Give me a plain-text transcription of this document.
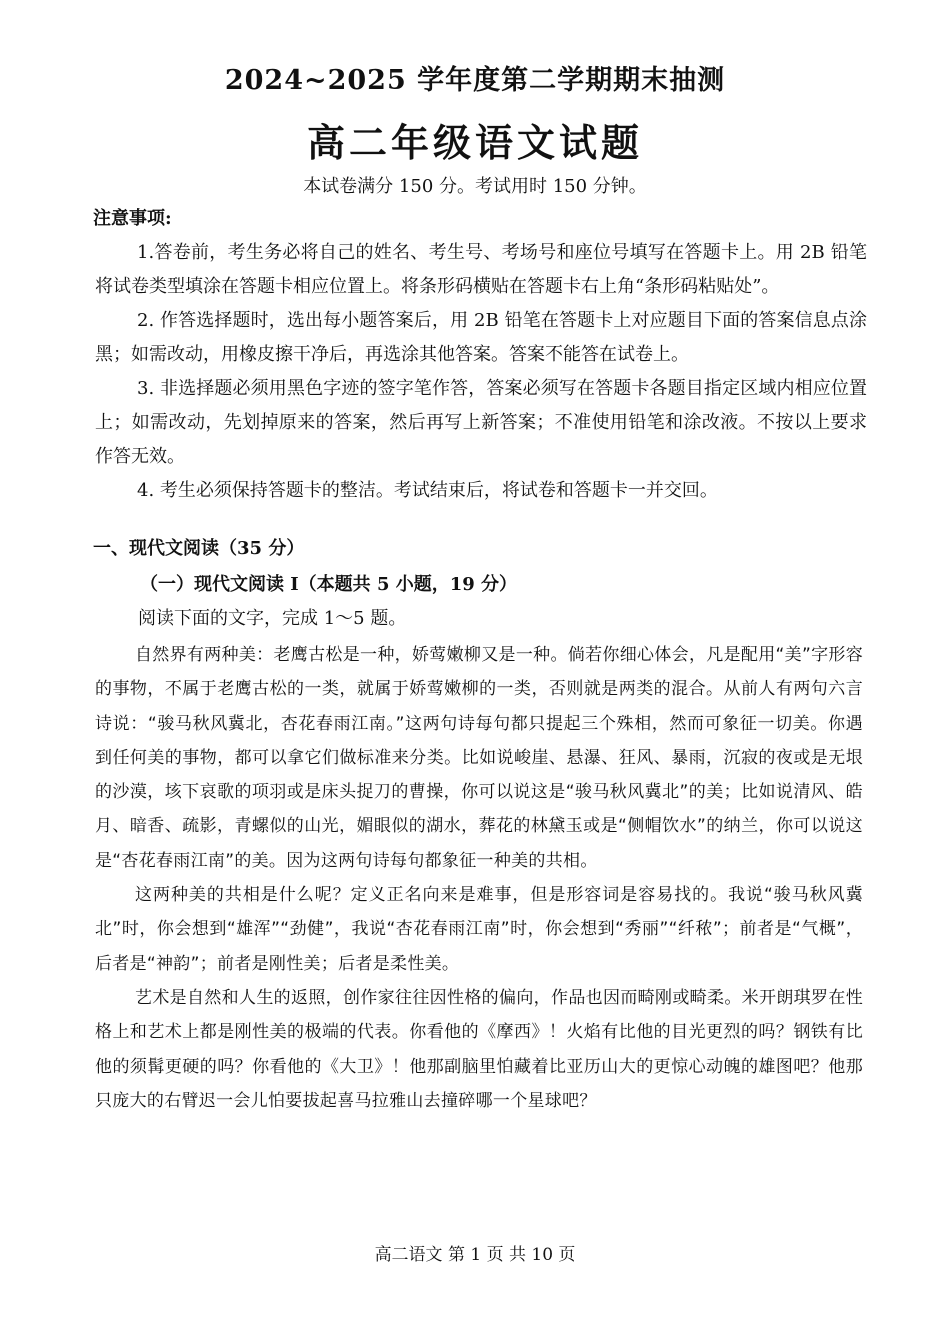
2024~2025 学年度第二学期期末抽测
高二年级语文试题
本试卷满分 150 分。考试用时 150 分钟。
注意事项:

1.答卷前，考生务必将自己的姓名、考生号、考场号和座位号填写在答题卡上。用 2B 铅笔将试卷类型填涂在答题卡相应位置上。将条形码横贴在答题卡右上角“条形码粘贴处”。

2. 作答选择题时，选出每小题答案后，用 2B 铅笔在答题卡上对应题目下面的答案信息点涂黑；如需改动，用橡皮擦干净后，再选涂其他答案。答案不能答在试卷上。

3. 非选择题必须用黑色字迹的签字笔作答，答案必须写在答题卡各题目指定区域内相应位置上；如需改动，先划掉原来的答案，然后再写上新答案；不准使用铅笔和涂改液。不按以上要求作答无效。

4. 考生必须保持答题卡的整洁。考试结束后，将试卷和答题卡一并交回。

一、现代文阅读（35 分）
（一）现代文阅读 I（本题共 5 小题，19 分）
阅读下面的文字，完成 1～5 题。

自然界有两种美：老鹰古松是一种，娇莺嫩柳又是一种。倘若你细心体会，凡是配用“美”字形容的事物，不属于老鹰古松的一类，就属于娇莺嫩柳的一类，否则就是两类的混合。从前人有两句六言诗说：“骏马秋风冀北，杏花春雨江南。”这两句诗每句都只提起三个殊相，然而可象征一切美。你遇到任何美的事物，都可以拿它们做标准来分类。比如说峻崖、悬瀑、狂风、暴雨，沉寂的夜或是无垠的沙漠，垓下哀歌的项羽或是床头捉刀的曹操，你可以说这是“骏马秋风冀北”的美；比如说清风、皓月、暗香、疏影，青螺似的山光，媚眼似的湖水，葬花的林黛玉或是“侧帽饮水”的纳兰，你可以说这是“杏花春雨江南”的美。因为这两句诗每句都象征一种美的共相。

这两种美的共相是什么呢？定义正名向来是难事，但是形容词是容易找的。我说“骏马秋风冀北”时，你会想到“雄浑”“劲健”，我说“杏花春雨江南”时，你会想到“秀丽”“纤秾”；前者是“气概”，后者是“神韵”；前者是刚性美；后者是柔性美。

艺术是自然和人生的返照，创作家往往因性格的偏向，作品也因而畸刚或畸柔。米开朗琪罗在性格上和艺术上都是刚性美的极端的代表。你看他的《摩西》！火焰有比他的目光更烈的吗？钢铁有比他的须髯更硬的吗？你看他的《大卫》！他那副脑里怕藏着比亚历山大的更惊心动魄的雄图吧？他那只庞大的右臂迟一会儿怕要拔起喜马拉雅山去撞碎哪一个星球吧？

高二语文 第 1 页 共 10 页
